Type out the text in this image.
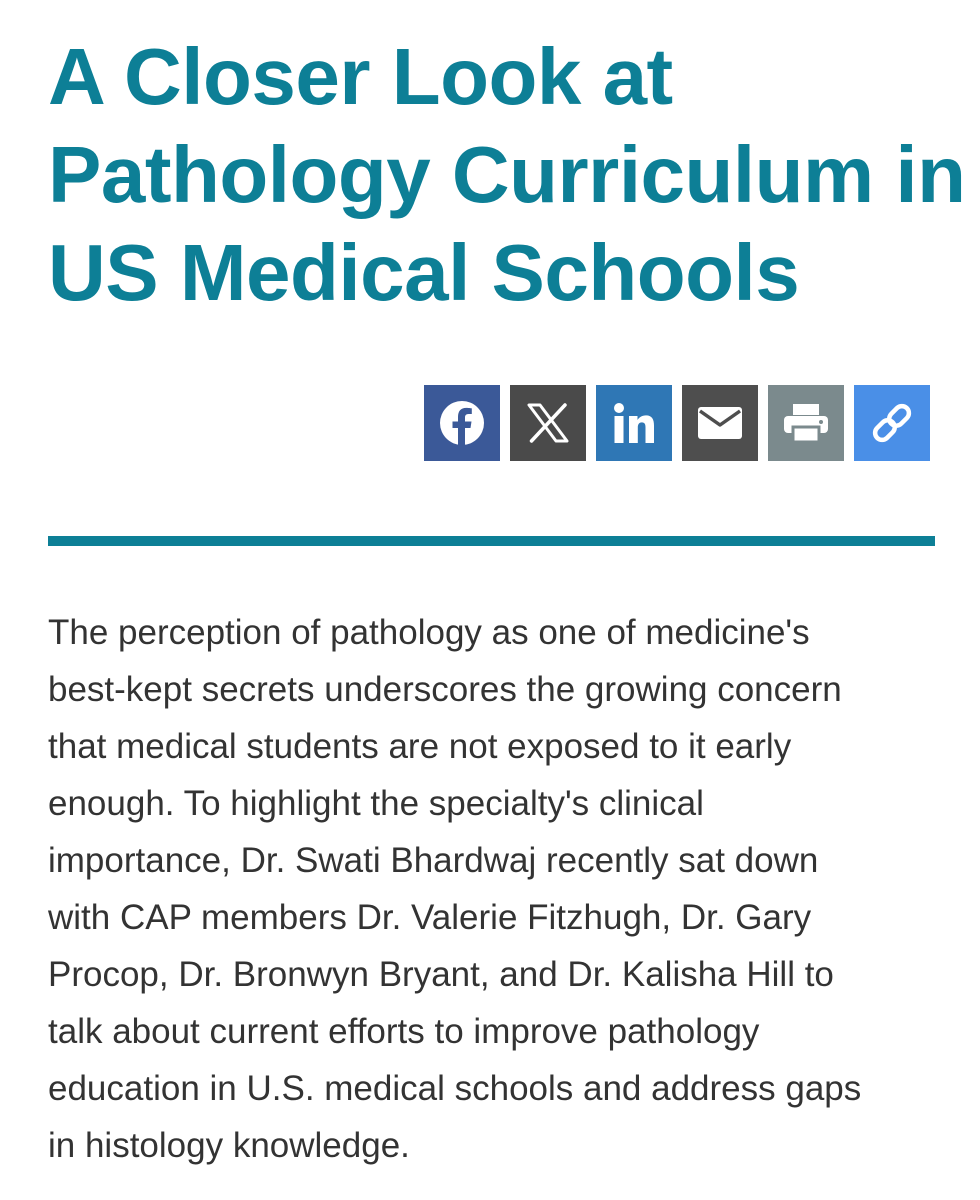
A Closer Look at
Pathology Curriculum in
US Medical Schools

The perception of pathology as one of medicine's
best-kept secrets underscores the growing concern
that medical students are not exposed to it early
enough. To highlight the specialty's clinical
importance, Dr. Swati Bhardwaj recently sat down
with CAP members Dr. Valerie Fitzhugh, Dr. Gary
Procop, Dr. Bronwyn Bryant, and Dr. Kalisha Hill to
talk about current efforts to improve pathology
education in U.S. medical schools and address gaps
in histology knowledge.
